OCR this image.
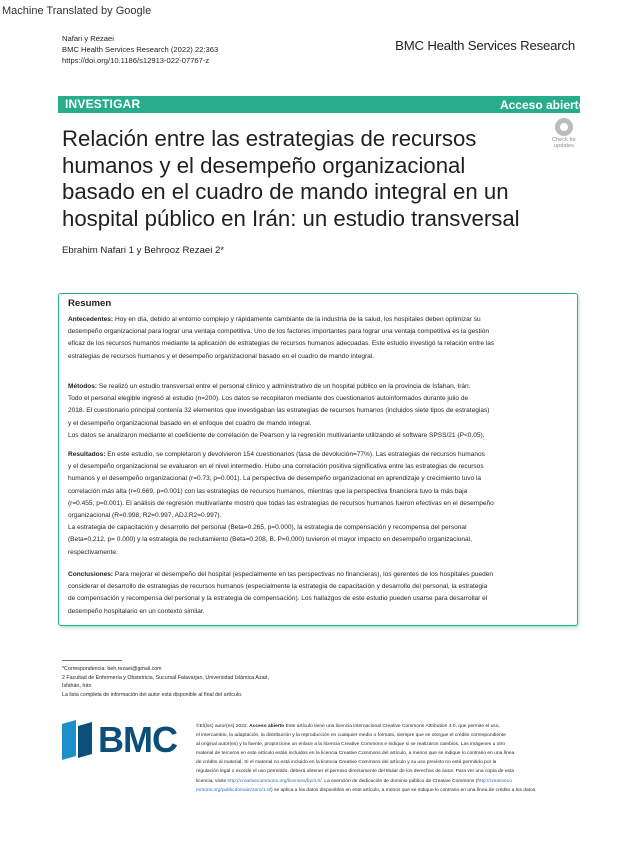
Machine Translated by Google
Nafari y Rezaei
BMC Health Services Research (2022) 22:363
https://doi.org/10.1186/s12913-022-07767-z
BMC Health Services Research
INVESTIGAR	Acceso abierto
Check for
updates
Relación entre las estrategias de recursos
humanos y el desempeño organizacional
basado en el cuadro de mando integral en un
hospital público en Irán: un estudio transversal
Ebrahim Nafari 1 y Behrooz Rezaei 2*
Resumen
Antecedentes: Hoy en día, debido al entorno complejo y rápidamente cambiante de la industria de la salud, los hospitales deben optimizar su
desempeño organizacional para lograr una ventaja competitiva. Uno de los factores importantes para lograr una ventaja competitiva es la gestión
eficaz de los recursos humanos mediante la aplicación de estrategias de recursos humanos adecuadas. Este estudio investigó la relación entre las
estrategias de recursos humanos y el desempeño organizacional basado en el cuadro de mando integral.
Métodos: Se realizó un estudio transversal entre el personal clínico y administrativo de un hospital público en la provincia de Isfahan, Irán.
Todo el personal elegible ingresó al estudio (n=200). Los datos se recopilaron mediante dos cuestionarios autoinformados durante julio de
2018. El cuestionario principal contenía 32 elementos que investigaban las estrategias de recursos humanos (incluidos siete tipos de estrategias)
y el desempeño organizacional basado en el enfoque del cuadro de mando integral.
Los datos se analizaron mediante el coeficiente de correlación de Pearson y la regresión multivariante utilizando el software SPSS/21 (P<0.05).
Resultados: En este estudio, se completaron y devolvieron 154 cuestionarios (tasa de devolución=77%). Las estrategias de recursos humanos
y el desempeño organizacional se evaluaron en el nivel intermedio. Hubo una correlación positiva significativa entre las estrategias de recursos
humanos y el desempeño organizacional (r=0.73, p=0.001). La perspectiva de desempeño organizacional en aprendizaje y crecimiento tuvo la
correlación más alta (r=0.669, p=0.001) con las estrategias de recursos humanos, mientras que la perspectiva financiera tuvo la más baja
(r=0.455, p=0.001). El análisis de regresión multivariante mostró que todas las estrategias de recursos humanos fueron efectivas en el desempeño
organizacional (R=0.998, R2=0.997, ADJ.R2=0.997).
La estrategia de capacitación y desarrollo del personal (Beta=0.265, p=0.000), la estrategia de compensación y recompensa del personal
(Beta=0.212, p= 0.000) y la estrategia de reclutamiento (Beta=0.208, B, P=0.000) tuvieron el mayor impacto en desempeño organizacional,
respectivamente.
Conclusiones: Para mejorar el desempeño del hospital (especialmente en las perspectivas no financieras), los gerentes de los hospitales pueden
considerar el desarrollo de estrategias de recursos humanos (especialmente la estrategia de capacitación y desarrollo del personal, la estrategia
de compensación y recompensa del personal y la estrategia de compensación). Los hallazgos de este estudio pueden usarse para desarrollar el
desempeño hospitalario en un contexto similar.
*Correspondencia: beh.rezaei@gmail.com
2 Facultad de Enfermería y Obstetricia, Sucursal Falavarjan, Universidad Islámica Azad,
Isfahán, Irán
La lista completa de información del autor está disponible al final del artículo.
BMC	©El(los) autor(es) 2022. Acceso abierto Este artículo tiene una licencia internacional Creative Commons Attribution 4.0, que permite el uso,
el intercambio, la adaptación, la distribución y la reproducción en cualquier medio o formato, siempre que se otorgue el crédito correspondiente
al original autor(es) y la fuente, proporcione un enlace a la licencia Creative Commons e indique si se realizaron cambios. Las imágenes u otro
material de terceros en este artículo están incluidos en la licencia Creative Commons del artículo, a menos que se indique lo contrario en una línea
de crédito al material. Si el material no está incluido en la licencia Creative Commons del artículo y su uso previsto no está permitido por la
regulación legal o excede el uso permitido, deberá obtener el permiso directamente del titular de los derechos de autor. Para ver una copia de esta
licencia, visite http://creativecommons.org/licenses/by/4.0/. La exención de dedicación de dominio público de Creative Commons (http://creativeco
mmons.org/publicdomain/zero/1.0/) se aplica a los datos disponibles en este artículo, a menos que se indique lo contrario en una línea de crédito a los datos.
